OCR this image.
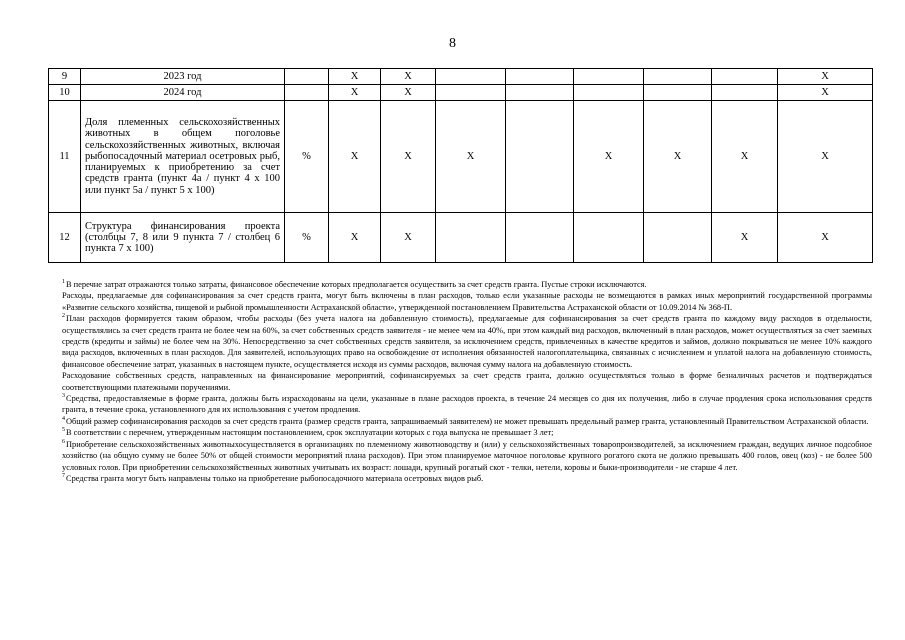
8
9	2023 год		X	X						X
10	2024 год		X	X						X
11	Доля племенных сельскохозяйственных животных в общем поголовье сельскохозяйственных животных, включая рыбопосадочный материал осетровых рыб, планируемых к приобретению за счет средств гранта (пункт 4а / пункт 4 х 100 или пункт 5а / пункт 5 х 100)	%	X	X	X		X	X	X	X
12	Структура финансирования проекта (столбцы 7, 8 или 9 пункта 7 / столбец 6 пункта 7 х 100)	%	X	X					X	X

$^1$В перечне затрат отражаются только затраты, финансовое обеспечение которых предполагается осуществить за счет средств гранта. Пустые строки исключаются.

Расходы, предлагаемые для софинансирования за счет средств гранта, могут быть включены в план расходов, только если указанные расходы не возмещаются в рамках иных мероприятий государственной программы «Развитие сельского хозяйства, пищевой и рыбной промышленности Астраханской области», утвержденной постановлением Правительства Астраханской области от 10.09.2014 № 368-П.

$^2$План расходов формируется таким образом, чтобы расходы (без учета налога на добавленную стоимость), предлагаемые для софинансирования за счет средств гранта по каждому виду расходов в отдельности, осуществлялись за счет средств гранта не более чем на 60%, за счет собственных средств заявителя - не менее чем на 40%, при этом каждый вид расходов, включенный в план расходов, может осуществляться за счет заемных средств (кредиты и займы) не более чем на 30%. Непосредственно за счет собственных средств заявителя, за исключением средств, привлеченных в качестве кредитов и займов, должно покрываться не менее 10% каждого вида расходов, включенных в план расходов. Для заявителей, использующих право на освобождение от исполнения обязанностей налогоплательщика, связанных с исчислением и уплатой налога на добавленную стоимость, финансовое обеспечение затрат, указанных в настоящем пункте, осуществляется исходя из суммы расходов, включая сумму налога на добавленную стоимость.

Расходование собственных средств, направленных на финансирование мероприятий, софинансируемых за счет средств гранта, должно осуществляться только в форме безналичных расчетов и подтверждаться соответствующими платежными поручениями.

$^3$Средства, предоставляемые в форме гранта, должны быть израсходованы на цели, указанные в плане расходов проекта, в течение 24 месяцев со дня их получения, либо в случае продления срока использования средств гранта, в течение срока, установленного для их использования с учетом продления.

$^4$Общий размер софинансирования расходов за счет средств гранта (размер средств гранта, запрашиваемый заявителем) не может превышать предельный размер гранта, установленный Правительством Астраханской области.

$^5$В соответствии с перечнем, утвержденным настоящим постановлением, срок эксплуатации которых с года выпуска не превышает 3 лет;

$^6$Приобретение сельскохозяйственных животныхосуществляется в организациях по племенному животноводству и (или) у сельскохозяйственных товаропроизводителей, за исключением граждан, ведущих личное подсобное хозяйство (на общую сумму не более 50% от общей стоимости мероприятий плана расходов). При этом планируемое маточное поголовье крупного рогатого скота не должно превышать 400 голов, овец (коз) - не более 500 условных голов. При приобретении сельскохозяйственных животных учитывать их возраст: лошади, крупный рогатый скот - телки, нетели, коровы и быки-производители - не старше 4 лет.

$^7$Средства гранта могут быть направлены только на приобретение рыбопосадочного материала осетровых видов рыб.
